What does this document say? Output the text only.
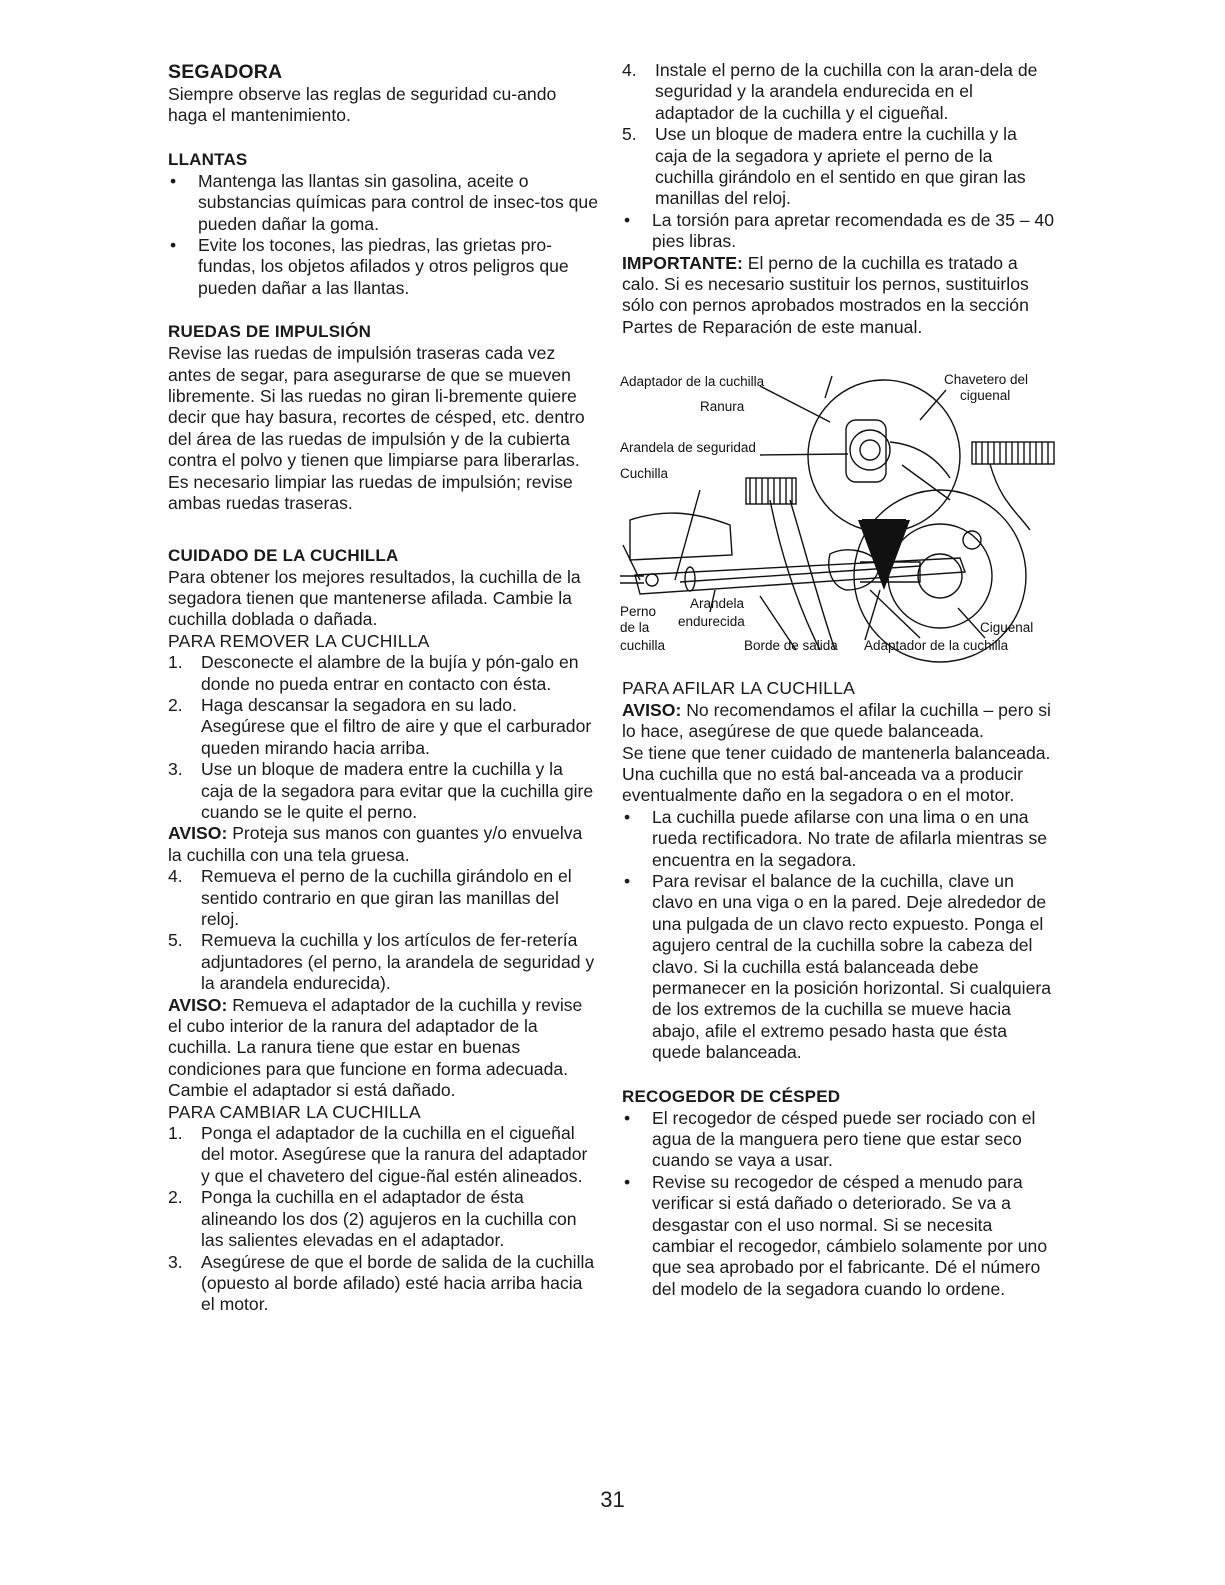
SEGADORA

Siempre observe las reglas de seguridad cu-ando haga el mantenimiento.

LLANTAS
• Mantenga las llantas sin gasolina, aceite o substancias químicas para control de insec-tos que pueden dañar la goma.
• Evite los tocones, las piedras, las grietas pro-fundas, los objetos afilados y otros peligros que pueden dañar a las llantas.
RUEDAS DE IMPULSIÓN

Revise las ruedas de impulsión traseras cada vez antes de segar, para asegurarse de que se mueven libremente. Si las ruedas no giran li-bremente quiere decir que hay basura, recortes de césped, etc. dentro del área de las ruedas de impulsión y de la cubierta contra el polvo y tienen que limpiarse para liberarlas.

Es necesario limpiar las ruedas de impulsión; revise ambas ruedas traseras.

CUIDADO DE LA CUCHILLA

Para obtener los mejores resultados, la cuchilla de la segadora tienen que mantenerse afilada. Cambie la cuchilla doblada o dañada.

PARA REMOVER LA CUCHILLA

1. Desconecte el alambre de la bujía y pón-galo en donde no pueda entrar en contacto con ésta.
2. Haga descansar la segadora en su lado. Asegúrese que el filtro de aire y que el carburador queden mirando hacia arriba.
3. Use un bloque de madera entre la cuchilla y la caja de la segadora para evitar que la cuchilla gire cuando se le quite el perno.

AVISO: Proteja sus manos con guantes y/o envuelva la cuchilla con una tela gruesa.

4. Remueva el perno de la cuchilla girándolo en el sentido contrario en que giran las manillas del reloj.
5. Remueva la cuchilla y los artículos de fer-retería adjuntadores (el perno, la arandela de seguridad y la arandela endurecida).

AVISO: Remueva el adaptador de la cuchilla y revise el cubo interior de la ranura del adaptador de la cuchilla. La ranura tiene que estar en buenas condiciones para que funcione en forma adecuada. Cambie el adaptador si está dañado.

PARA CAMBIAR LA CUCHILLA

1. Ponga el adaptador de la cuchilla en el cigueñal del motor. Asegúrese que la ranura del adaptador y que el chavetero del cigue-ñal estén alineados.
2. Ponga la cuchilla en el adaptador de ésta alineando los dos (2) agujeros en la cuchilla con las salientes elevadas en el adaptador.
3. Asegúrese de que el borde de salida de la cuchilla (opuesto al borde afilado) esté hacia arriba hacia el motor.
4. Instale el perno de la cuchilla con la aran-dela de seguridad y la arandela endurecida en el adaptador de la cuchilla y el cigueñal.
5. Use un bloque de madera entre la cuchilla y la caja de la segadora y apriete el perno de la cuchilla girándolo en el sentido en que giran las manillas del reloj.
• La torsión para apretar recomendada es de 35 – 40 pies libras.

IMPORTANTE: El perno de la cuchilla es tratado a calo. Si es necesario sustituir los pernos, sustituirlos sólo con pernos aprobados mostrados en la sección Partes de Reparación de este manual.

Adaptador de la cuchilla
Ranura
Chavetero del
ciguenal
Arandela de seguridad
Cuchilla
Perno
de la
cuchilla
Arandela
endurecida
Borde de salida
Ciguénal
Adaptador de la cuchilla

PARA AFILAR LA CUCHILLA

AVISO: No recomendamos el afilar la cuchilla – pero si lo hace, asegúrese de que quede balanceada.

Se tiene que tener cuidado de mantenerla balanceada. Una cuchilla que no está bal-anceada va a producir eventualmente daño en la segadora o en el motor.

• La cuchilla puede afilarse con una lima o en una rueda rectificadora. No trate de afilarla mientras se encuentra en la segadora.
• Para revisar el balance de la cuchilla, clave un clavo en una viga o en la pared. Deje alrededor de una pulgada de un clavo recto expuesto. Ponga el agujero central de la cuchilla sobre la cabeza del clavo. Si la cuchilla está balanceada debe permanecer en la posición horizontal. Si cualquiera de los extremos de la cuchilla se mueve hacia abajo, afile el extremo pesado hasta que ésta quede balanceada.
RECOGEDOR DE CÉSPED
• El recogedor de césped puede ser rociado con el agua de la manguera pero tiene que estar seco cuando se vaya a usar.
• Revise su recogedor de césped a menudo para verificar si está dañado o deteriorado. Se va a desgastar con el uso normal. Si se necesita cambiar el recogedor, cámbielo solamente por uno que sea aprobado por el fabricante. Dé el número del modelo de la segadora cuando lo ordene.
31
